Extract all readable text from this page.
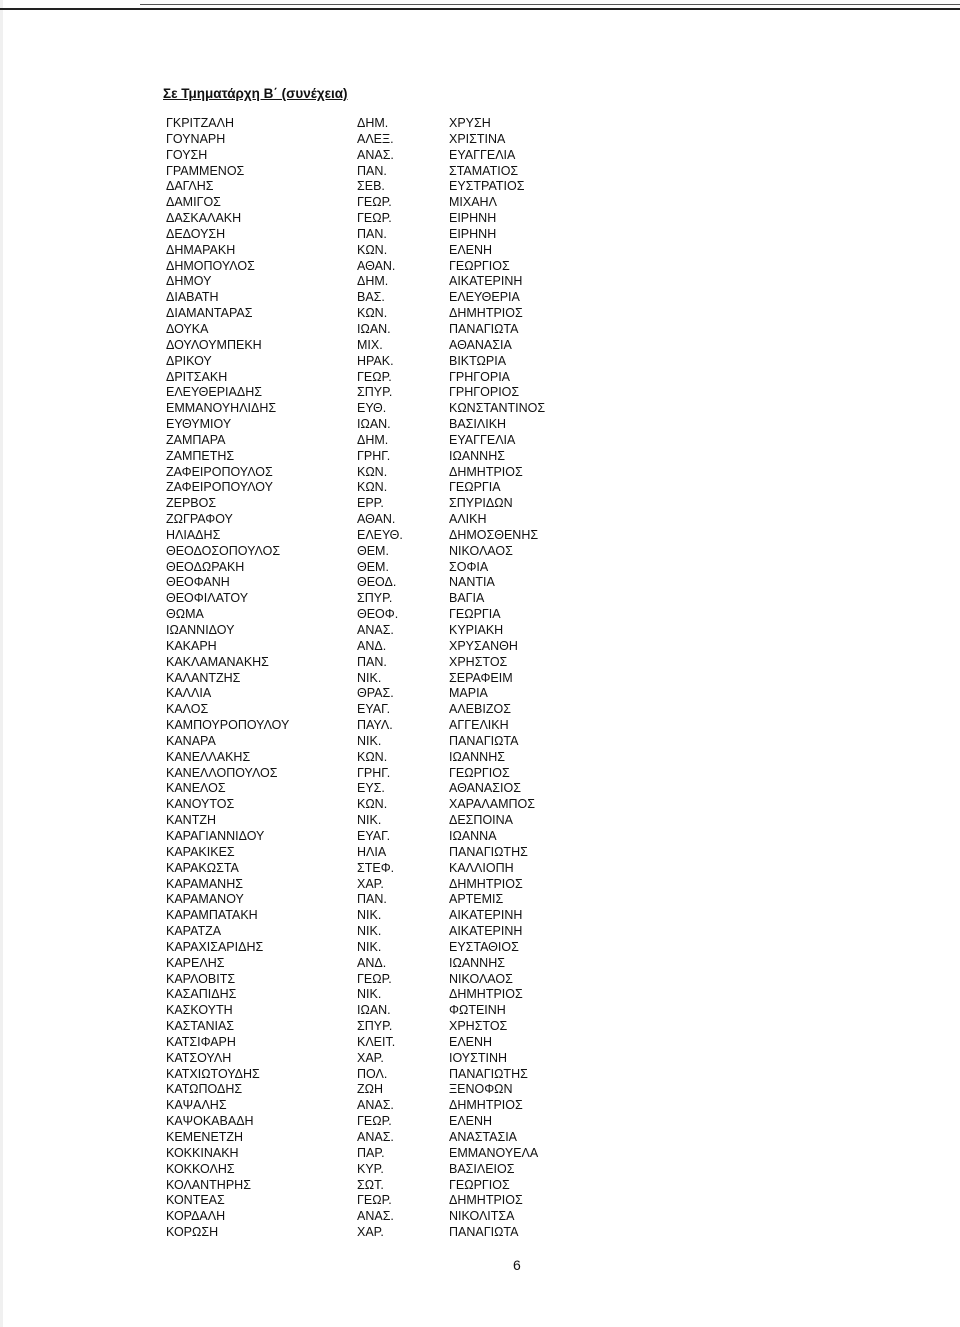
Σε Τμηματάρχη Β΄ (συνέχεια)
ΓΚΡΙΤΖΑΛΗ	ΔΗΜ.	ΧΡΥΣΗ
ΓΟΥΝΑΡΗ	ΑΛΕΞ.	ΧΡΙΣΤΙΝΑ
ΓΟΥΣΗ	ΑΝΑΣ.	ΕΥΑΓΓΕΛΙΑ
ΓΡΑΜΜΕΝΟΣ	ΠΑΝ.	ΣΤΑΜΑΤΙΟΣ
ΔΑΓΛΗΣ	ΣΕΒ.	ΕΥΣΤΡΑΤΙΟΣ
ΔΑΜΙΓΟΣ	ΓΕΩΡ.	ΜΙΧΑΗΛ
ΔΑΣΚΑΛΑΚΗ	ΓΕΩΡ.	ΕΙΡΗΝΗ
ΔΕΔΟΥΣΗ	ΠΑΝ.	ΕΙΡΗΝΗ
ΔΗΜΑΡΑΚΗ	ΚΩΝ.	ΕΛΕΝΗ
ΔΗΜΟΠΟΥΛΟΣ	ΑΘΑΝ.	ΓΕΩΡΓΙΟΣ
ΔΗΜΟΥ	ΔΗΜ.	ΑΙΚΑΤΕΡΙΝΗ
ΔΙΑΒΑΤΗ	ΒΑΣ.	ΕΛΕΥΘΕΡΙΑ
ΔΙΑΜΑΝΤΑΡΑΣ	ΚΩΝ.	ΔΗΜΗΤΡΙΟΣ
ΔΟΥΚΑ	ΙΩΑΝ.	ΠΑΝΑΓΙΩΤΑ
ΔΟΥΛΟΥΜΠΕΚΗ	ΜΙΧ.	ΑΘΑΝΑΣΙΑ
ΔΡΙΚΟΥ	ΗΡΑΚ.	ΒΙΚΤΩΡΙΑ
ΔΡΙΤΣΑΚΗ	ΓΕΩΡ.	ΓΡΗΓΟΡΙΑ
ΕΛΕΥΘΕΡΙΑΔΗΣ	ΣΠΥΡ.	ΓΡΗΓΟΡΙΟΣ
ΕΜΜΑΝΟΥΗΛΙΔΗΣ	ΕΥΘ.	ΚΩΝΣΤΑΝΤΙΝΟΣ
ΕΥΘΥΜΙΟΥ	ΙΩΑΝ.	ΒΑΣΙΛΙΚΗ
ΖΑΜΠΑΡΑ	ΔΗΜ.	ΕΥΑΓΓΕΛΙΑ
ΖΑΜΠΕΤΗΣ	ΓΡΗΓ.	ΙΩΑΝΝΗΣ
ΖΑΦΕΙΡΟΠΟΥΛΟΣ	ΚΩΝ.	ΔΗΜΗΤΡΙΟΣ
ΖΑΦΕΙΡΟΠΟΥΛΟΥ	ΚΩΝ.	ΓΕΩΡΓΙΑ
ΖΕΡΒΟΣ	ΕΡΡ.	ΣΠΥΡΙΔΩΝ
ΖΩΓΡΑΦΟΥ	ΑΘΑΝ.	ΑΛΙΚΗ
ΗΛΙΑΔΗΣ	ΕΛΕΥΘ.	ΔΗΜΟΣΘΕΝΗΣ
ΘΕΟΔΟΣΟΠΟΥΛΟΣ	ΘΕΜ.	ΝΙΚΟΛΑΟΣ
ΘΕΟΔΩΡΑΚΗ	ΘΕΜ.	ΣΟΦΙΑ
ΘΕΟΦΑΝΗ	ΘΕΟΔ.	ΝΑΝΤΙΑ
ΘΕΟΦΙΛΑΤΟΥ	ΣΠΥΡ.	ΒΑΓΙΑ
ΘΩΜΑ	ΘΕΟΦ.	ΓΕΩΡΓΙΑ
ΙΩΑΝΝΙΔΟΥ	ΑΝΑΣ.	ΚΥΡΙΑΚΗ
ΚΑΚΑΡΗ	ΑΝΔ.	ΧΡΥΣΑΝΘΗ
ΚΑΚΛΑΜΑΝΑΚΗΣ	ΠΑΝ.	ΧΡΗΣΤΟΣ
ΚΑΛΑΝΤΖΗΣ	ΝΙΚ.	ΣΕΡΑΦΕΙΜ
ΚΑΛΛΙΑ	ΘΡΑΣ.	ΜΑΡΙΑ
ΚΑΛΟΣ	ΕΥΑΓ.	ΑΛΕΒΙΖΟΣ
ΚΑΜΠΟΥΡΟΠΟΥΛΟΥ	ΠΑΥΛ.	ΑΓΓΕΛΙΚΗ
ΚΑΝΑΡΑ	ΝΙΚ.	ΠΑΝΑΓΙΩΤΑ
ΚΑΝΕΛΛΑΚΗΣ	ΚΩΝ.	ΙΩΑΝΝΗΣ
ΚΑΝΕΛΛΟΠΟΥΛΟΣ	ΓΡΗΓ.	ΓΕΩΡΓΙΟΣ
ΚΑΝΕΛΟΣ	ΕΥΣ.	ΑΘΑΝΑΣΙΟΣ
ΚΑΝΟΥΤΟΣ	ΚΩΝ.	ΧΑΡΑΛΑΜΠΟΣ
ΚΑΝΤΖΗ	ΝΙΚ.	ΔΕΣΠΟΙΝΑ
ΚΑΡΑΓΙΑΝΝΙΔΟΥ	ΕΥΑΓ.	ΙΩΑΝΝΑ
ΚΑΡΑΚΙΚΕΣ	ΗΛΙΑ	ΠΑΝΑΓΙΩΤΗΣ
ΚΑΡΑΚΩΣΤΑ	ΣΤΕΦ.	ΚΑΛΛΙΟΠΗ
ΚΑΡΑΜΑΝΗΣ	ΧΑΡ.	ΔΗΜΗΤΡΙΟΣ
ΚΑΡΑΜΑΝΟΥ	ΠΑΝ.	ΑΡΤΕΜΙΣ
ΚΑΡΑΜΠΑΤΑΚΗ	ΝΙΚ.	ΑΙΚΑΤΕΡΙΝΗ
ΚΑΡΑΤΖΑ	ΝΙΚ.	ΑΙΚΑΤΕΡΙΝΗ
ΚΑΡΑΧΙΣΑΡΙΔΗΣ	ΝΙΚ.	ΕΥΣΤΑΘΙΟΣ
ΚΑΡΕΛΗΣ	ΑΝΔ.	ΙΩΑΝΝΗΣ
ΚΑΡΛΟΒΙΤΣ	ΓΕΩΡ.	ΝΙΚΟΛΑΟΣ
ΚΑΣΑΠΙΔΗΣ	ΝΙΚ.	ΔΗΜΗΤΡΙΟΣ
ΚΑΣΚΟΥΤΗ	ΙΩΑΝ.	ΦΩΤΕΙΝΗ
ΚΑΣΤΑΝΙΑΣ	ΣΠΥΡ.	ΧΡΗΣΤΟΣ
ΚΑΤΣΙΦΑΡΗ	ΚΛΕΙΤ.	ΕΛΕΝΗ
ΚΑΤΣΟΥΛΗ	ΧΑΡ.	ΙΟΥΣΤΙΝΗ
ΚΑΤΧΙΩΤΟΥΔΗΣ	ΠΟΛ.	ΠΑΝΑΓΙΩΤΗΣ
ΚΑΤΩΠΟΔΗΣ	ΖΩΗ	ΞΕΝΟΦΩΝ
ΚΑΨΑΛΗΣ	ΑΝΑΣ.	ΔΗΜΗΤΡΙΟΣ
ΚΑΨΟΚΑΒΑΔΗ	ΓΕΩΡ.	ΕΛΕΝΗ
ΚΕΜΕΝΕΤΖΗ	ΑΝΑΣ.	ΑΝΑΣΤΑΣΙΑ
ΚΟΚΚΙΝΑΚΗ	ΠΑΡ.	ΕΜΜΑΝΟΥΕΛΑ
ΚΟΚΚΟΛΗΣ	ΚΥΡ.	ΒΑΣΙΛΕΙΟΣ
ΚΟΛΑΝΤΗΡΗΣ	ΣΩΤ.	ΓΕΩΡΓΙΟΣ
ΚΟΝΤΕΑΣ	ΓΕΩΡ.	ΔΗΜΗΤΡΙΟΣ
ΚΟΡΔΑΛΗ	ΑΝΑΣ.	ΝΙΚΟΛΙΤΣΑ
ΚΟΡΩΣΗ	ΧΑΡ.	ΠΑΝΑΓΙΩΤΑ
6
